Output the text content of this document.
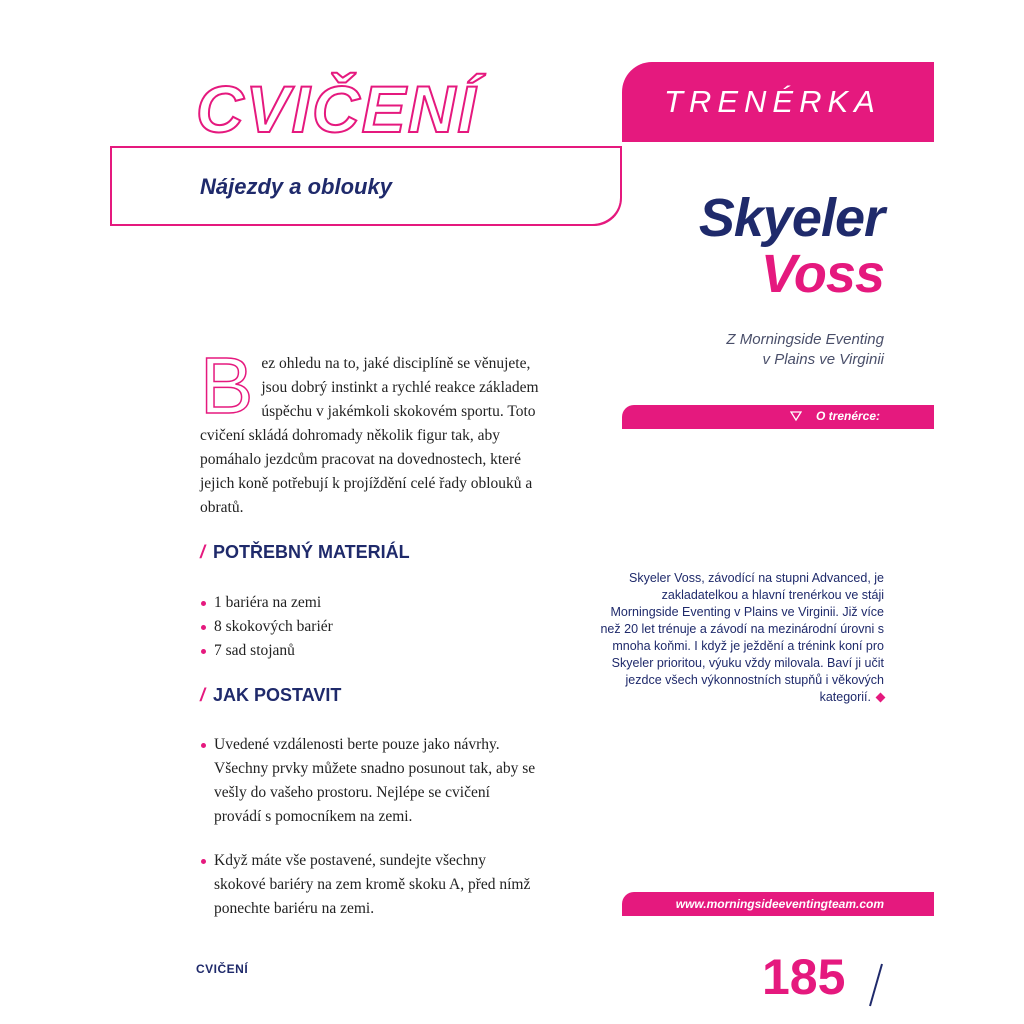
CVIČENÍ
Nájezdy a oblouky
TRENÉRKA
Skyeler
Voss
Z Morningside Eventing
v Plains ve Virginii
O trenérce:
Skyeler Voss, závodící na stupni Advanced, je zakladatelkou a hlavní trenérkou ve stáji Morningside Eventing v Plains ve Virginii. Již více než 20 let trénuje a závodí na mezinárodní úrovni s mnoha koňmi. I když je ježdění a trénink koní pro Skyeler prioritou, výuku vždy milovala. Baví ji učit jezdce všech výkonnostních stupňů i věkových kategorií.
www.morningsideeventingteam.com

Bez ohledu na to, jaké disciplíně se věnujete, jsou dobrý instinkt a rychlé reakce základem úspěchu v jakémkoli skokovém sportu. Toto cvičení skládá dohromady několik figur tak, aby pomáhalo jezdcům pracovat na dovednostech, které jejich koně potřebují k projíždění celé řady oblouků a obratů.

/ POTŘEBNÝ MATERIÁL
1 bariéra na zemi
8 skokových bariér
7 sad stojanů
/ JAK POSTAVIT
Uvedené vzdálenosti berte pouze jako návrhy. Všechny prvky můžete snadno posunout tak, aby se vešly do vašeho prostoru. Nejlépe se cvičení provádí s pomocníkem na zemi.
Když máte vše postavené, sundejte všechny skokové bariéry na zem kromě skoku A, před nímž ponechte bariéru na zemi.
CVIČENÍ	185
